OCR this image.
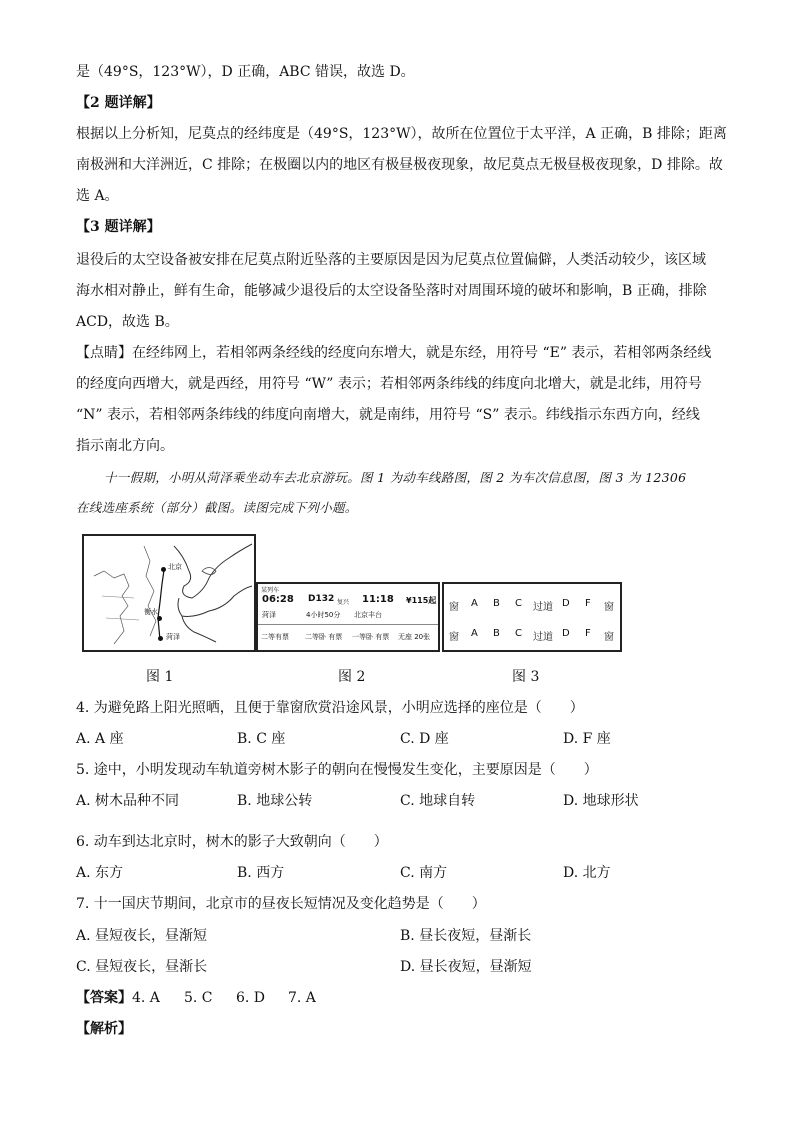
是（49°S，123°W），D 正确，ABC 错误，故选 D。
【2 题详解】
根据以上分析知，尼莫点的经纬度是（49°S，123°W），故所在位置位于太平洋，A 正确，B 排除；距离
南极洲和大洋洲近，C 排除；在极圈以内的地区有极昼极夜现象，故尼莫点无极昼极夜现象，D 排除。故
选 A。
【3 题详解】
退役后的太空设备被安排在尼莫点附近坠落的主要原因是因为尼莫点位置偏僻，人类活动较少，该区域
海水相对静止，鲜有生命，能够减少退役后的太空设备坠落时对周围环境的破坏和影响，B 正确，排除
ACD，故选 B。
【点睛】在经纬网上，若相邻两条经线的经度向东增大，就是东经，用符号 “E” 表示，若相邻两条经线
的经度向西增大，就是西经，用符号 “W” 表示；若相邻两条纬线的纬度向北增大，就是北纬，用符号
“N” 表示，若相邻两条纬线的纬度向南增大，就是南纬，用符号 “S” 表示。纬线指示东西方向，经线
指示南北方向。
十一假期，小明从菏泽乘坐动车去北京游玩。图 1 为动车线路图，图 2 为车次信息图，图 3 为 12306
在线选座系统（部分）截图。读图完成下列小题。
北京
衡水
菏泽
图 1
某列车
06:28 D132 复兴 11:18 ¥115起
菏泽	4小时50分 北京丰台
二等有票 二等卧 有票 一等卧 有票 无座 20张
图 2
窗 A B C 过道 D F 窗
窗 A B C 过道 D F 窗
图 3
4. 为避免路上阳光照晒，且便于靠窗欣赏沿途风景，小明应选择的座位是（　　）
A. A 座	B. C 座	C. D 座	D. F 座
5. 途中，小明发现动车轨道旁树木影子的朝向在慢慢发生变化，主要原因是（　　）
A. 树木品种不同	B. 地球公转	C. 地球自转	D. 地球形状
6. 动车到达北京时，树木的影子大致朝向（　　）
A. 东方	B. 西方	C. 南方	D. 北方
7. 十一国庆节期间，北京市的昼夜长短情况及变化趋势是（　　）
A. 昼短夜长，昼渐短	B. 昼长夜短，昼渐长
C. 昼短夜长，昼渐长	D. 昼长夜短，昼渐短
【答案】 4. A 5. C 6. D 7. A
【解析】
